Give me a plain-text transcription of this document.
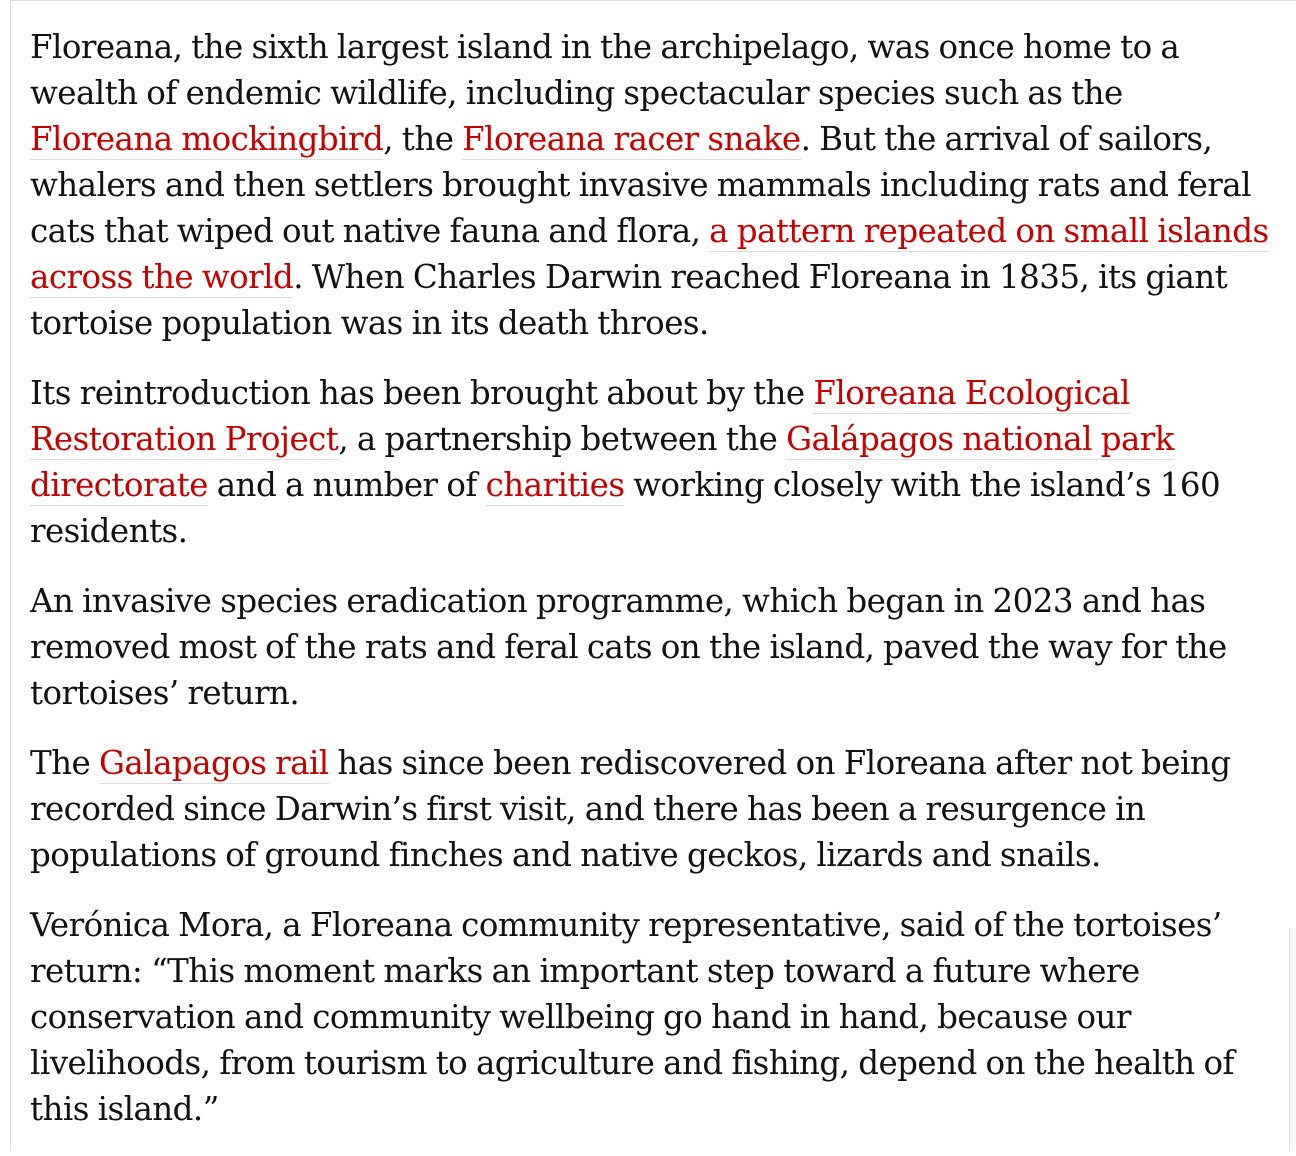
Floreana, the sixth largest island in the archipelago, was once home to a wealth of endemic wildlife, including spectacular species such as the Floreana mockingbird, the Floreana racer snake. But the arrival of sailors, whalers and then settlers brought invasive mammals including rats and feral cats that wiped out native fauna and flora, a pattern repeated on small islands across the world. When Charles Darwin reached Floreana in 1835, its giant tortoise population was in its death throes.

Its reintroduction has been brought about by the Floreana Ecological Restoration Project, a partnership between the Galápagos national park directorate and a number of charities working closely with the island’s 160 residents.

An invasive species eradication programme, which began in 2023 and has removed most of the rats and feral cats on the island, paved the way for the tortoises’ return.

The Galapagos rail has since been rediscovered on Floreana after not being recorded since Darwin’s first visit, and there has been a resurgence in populations of ground finches and native geckos, lizards and snails.

Verónica Mora, a Floreana community representative, said of the tortoises’ return: “This moment marks an important step toward a future where conservation and community wellbeing go hand in hand, because our livelihoods, from tourism to agriculture and fishing, depend on the health of this island.”
